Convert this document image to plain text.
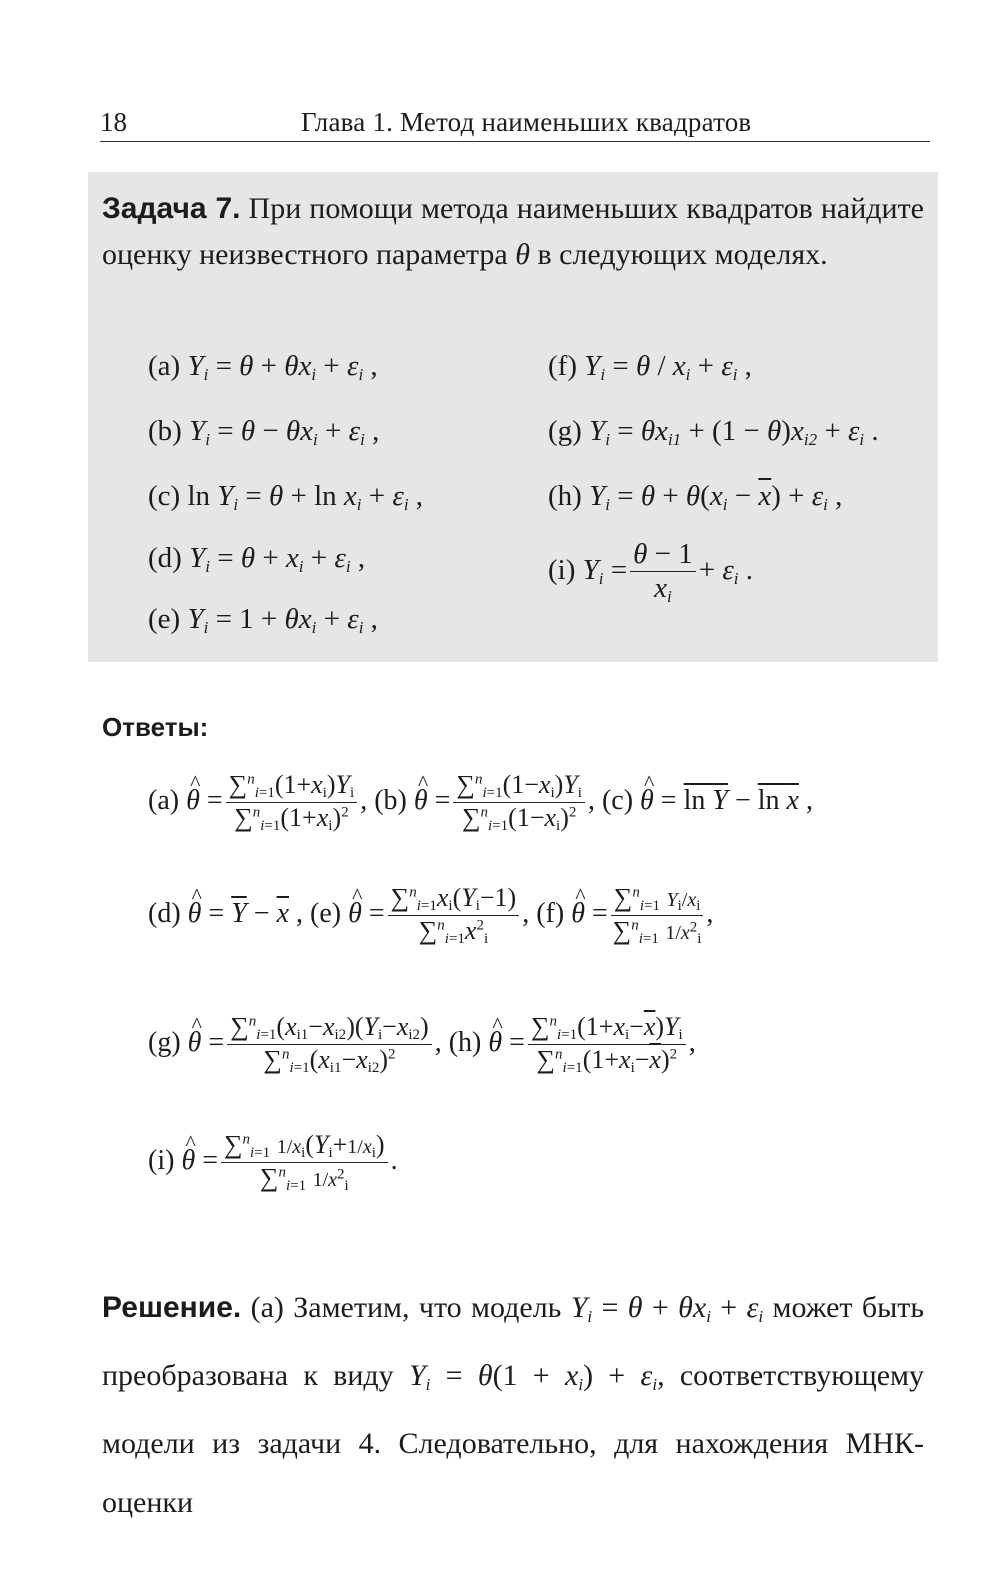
18	Глава 1. Метод наименьших квадратов
Задача 7. При помощи метода наименьших квадратов найдите оценку неизвестного параметра θ в следующих моделях.
(a) $Y_i = \theta + \theta x_i + \varepsilon_i$ ,
(b) $Y_i = \theta - \theta x_i + \varepsilon_i$ ,
(c) $\ln Y_i = \theta + \ln x_i + \varepsilon_i$ ,
(d) $Y_i = \theta + x_i + \varepsilon_i$ ,
(e) $Y_i = 1 + \theta x_i + \varepsilon_i$ ,
(f) $Y_i = \theta / x_i + \varepsilon_i$ ,
(g) $Y_i = \theta x_{i1} + (1 - \theta)x_{i2} + \varepsilon_i$ .
(h) $Y_i = \theta + \theta(x_i - \overline{x}) + \varepsilon_i$ ,
(i) $Y_i = \frac{\theta - 1}{x_i} + \varepsilon_i$ .
Ответы:
(a) ^ $\theta = \frac{\sum^n_{i=1}(1+x_i)Y_i}{\sum^n_{i=1}(1+x_i)^2}$ , (b) ^ $\theta = \frac{\sum^n_{i=1}(1-x_i)Y_i}{\sum^n_{i=1}(1-x_i)^2}$ , (c) ^ θ = ln Y − ln x ,
(d) ^ $\theta = \overline{Y} - \overline{x}$ , (e) ^ $\theta = \frac{\sum^n_{i=1}x_i(Y_i-1)}{\sum^n_{i=1}x^2_i}$ , (f) ^ $\theta = \frac{\sum^n_{i=1} Y_i/x_i}{\sum^n_{i=1} 1/x^2_i}$ ,
(g) ^ $\theta = \frac{\sum^n_{i=1}(x_{i1}-x_{i2})(Y_i-x_{i2})}{\sum^n_{i=1}(x_{i1}-x_{i2})^2}$ , (h) ^ $\theta = \frac{\sum^n_{i=1}(1+x_i-\overline{x})Y_i}{\sum^n_{i=1}(1+x_i-\overline{x})^2}$ ,
(i) ^ $\theta = \frac{\sum^n_{i=1} 1/x_i(Y_i+1/x_i)}{\sum^n_{i=1} 1/x^2_i}$ .
Решение. (a) Заметим, что модель $Y_i = \theta + \theta x_i + \varepsilon_i$ может быть преобразована к виду $Y_i = \theta(1 + x_i) + \varepsilon_i$, соответствующему модели из задачи 4. Следовательно, для нахождения МНК-оценки
